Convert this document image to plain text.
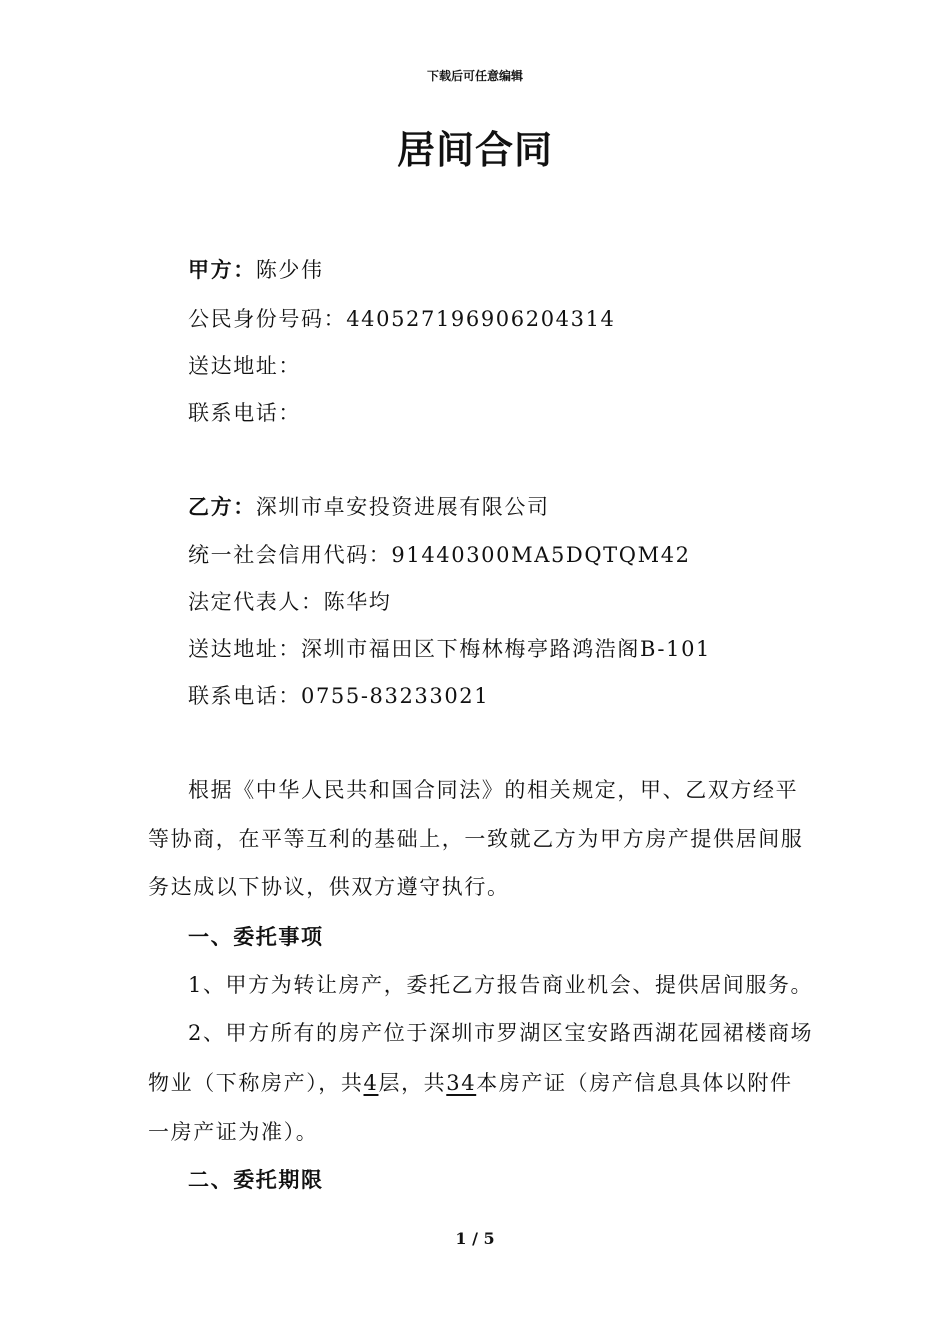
下载后可任意编辑
居间合同
甲方：陈少伟
公民身份号码：440527196906204314
送达地址：
联系电话：
乙方：深圳市卓安投资进展有限公司
统一社会信用代码：91440300MA5DQTQM42
法定代表人：陈华均
送达地址：深圳市福田区下梅林梅亭路鸿浩阁B-101
联系电话：0755-83233021
根据《中华人民共和国合同法》的相关规定，甲、乙双方经平
等协商，在平等互利的基础上，一致就乙方为甲方房产提供居间服
务达成以下协议，供双方遵守执行。
一、委托事项
1、甲方为转让房产，委托乙方报告商业机会、提供居间服务。
2、甲方所有的房产位于深圳市罗湖区宝安路西湖花园裙楼商场
物业（下称房产），共4层，共34本房产证（房产信息具体以附件
一房产证为准）。
二、委托期限
1 / 5
